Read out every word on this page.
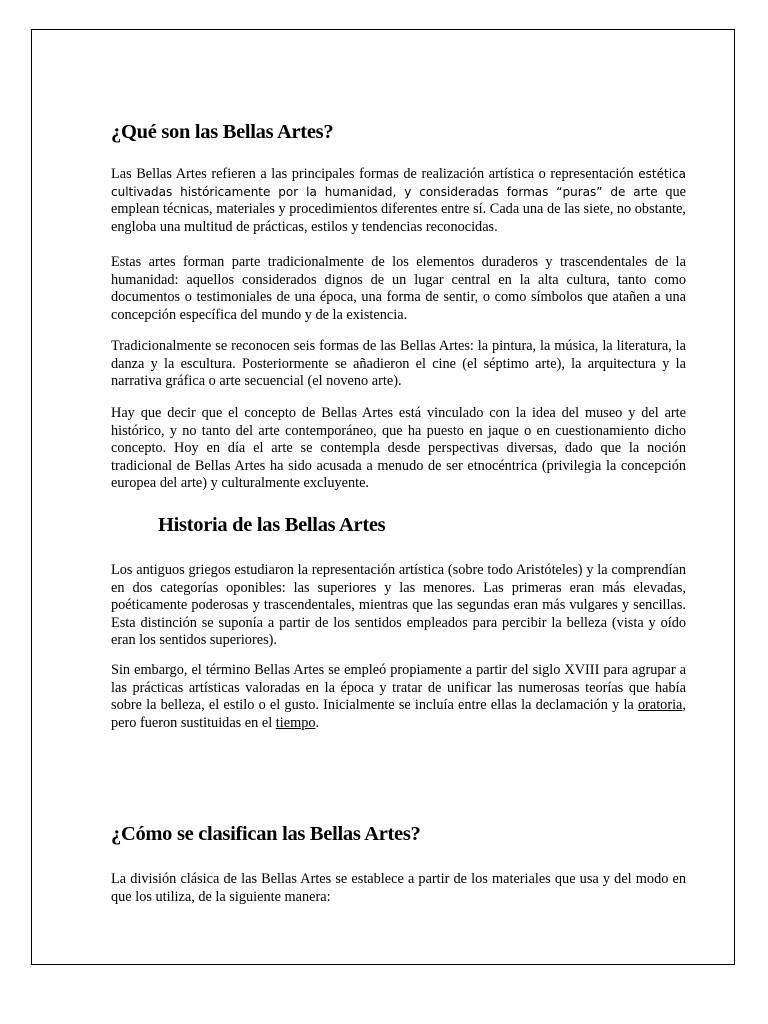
¿Qué son las Bellas Artes?

Las Bellas Artes refieren a las principales formas de realización artística o representación estética cultivadas históricamente por la humanidad, y consideradas formas “puras” de arte que emplean técnicas, materiales y procedimientos diferentes entre sí. Cada una de las siete, no obstante, engloba una multitud de prácticas, estilos y tendencias reconocidas.

Estas artes forman parte tradicionalmente de los elementos duraderos y trascendentales de la humanidad: aquellos considerados dignos de un lugar central en la alta cultura, tanto como documentos o testimoniales de una época, una forma de sentir, o como símbolos que atañen a una concepción específica del mundo y de la existencia.

Tradicionalmente se reconocen seis formas de las Bellas Artes: la pintura, la música, la literatura, la danza y la escultura. Posteriormente se añadieron el cine (el séptimo arte), la arquitectura y la narrativa gráfica o arte secuencial (el noveno arte).

Hay que decir que el concepto de Bellas Artes está vinculado con la idea del museo y del arte histórico, y no tanto del arte contemporáneo, que ha puesto en jaque o en cuestionamiento dicho concepto. Hoy en día el arte se contempla desde perspectivas diversas, dado que la noción tradicional de Bellas Artes ha sido acusada a menudo de ser etnocéntrica (privilegia la concepción europea del arte) y culturalmente excluyente.

Historia de las Bellas Artes

Los antiguos griegos estudiaron la representación artística (sobre todo Aristóteles) y la comprendían en dos categorías oponibles: las superiores y las menores. Las primeras eran más elevadas, poéticamente poderosas y trascendentales, mientras que las segundas eran más vulgares y sencillas. Esta distinción se suponía a partir de los sentidos empleados para percibir la belleza (vista y oído eran los sentidos superiores).

Sin embargo, el término Bellas Artes se empleó propiamente a partir del siglo XVIII para agrupar a las prácticas artísticas valoradas en la época y tratar de unificar las numerosas teorías que había sobre la belleza, el estilo o el gusto. Inicialmente se incluía entre ellas la declamación y la oratoria, pero fueron sustituidas en el tiempo.

¿Cómo se clasifican las Bellas Artes?

La división clásica de las Bellas Artes se establece a partir de los materiales que usa y del modo en que los utiliza, de la siguiente manera:
